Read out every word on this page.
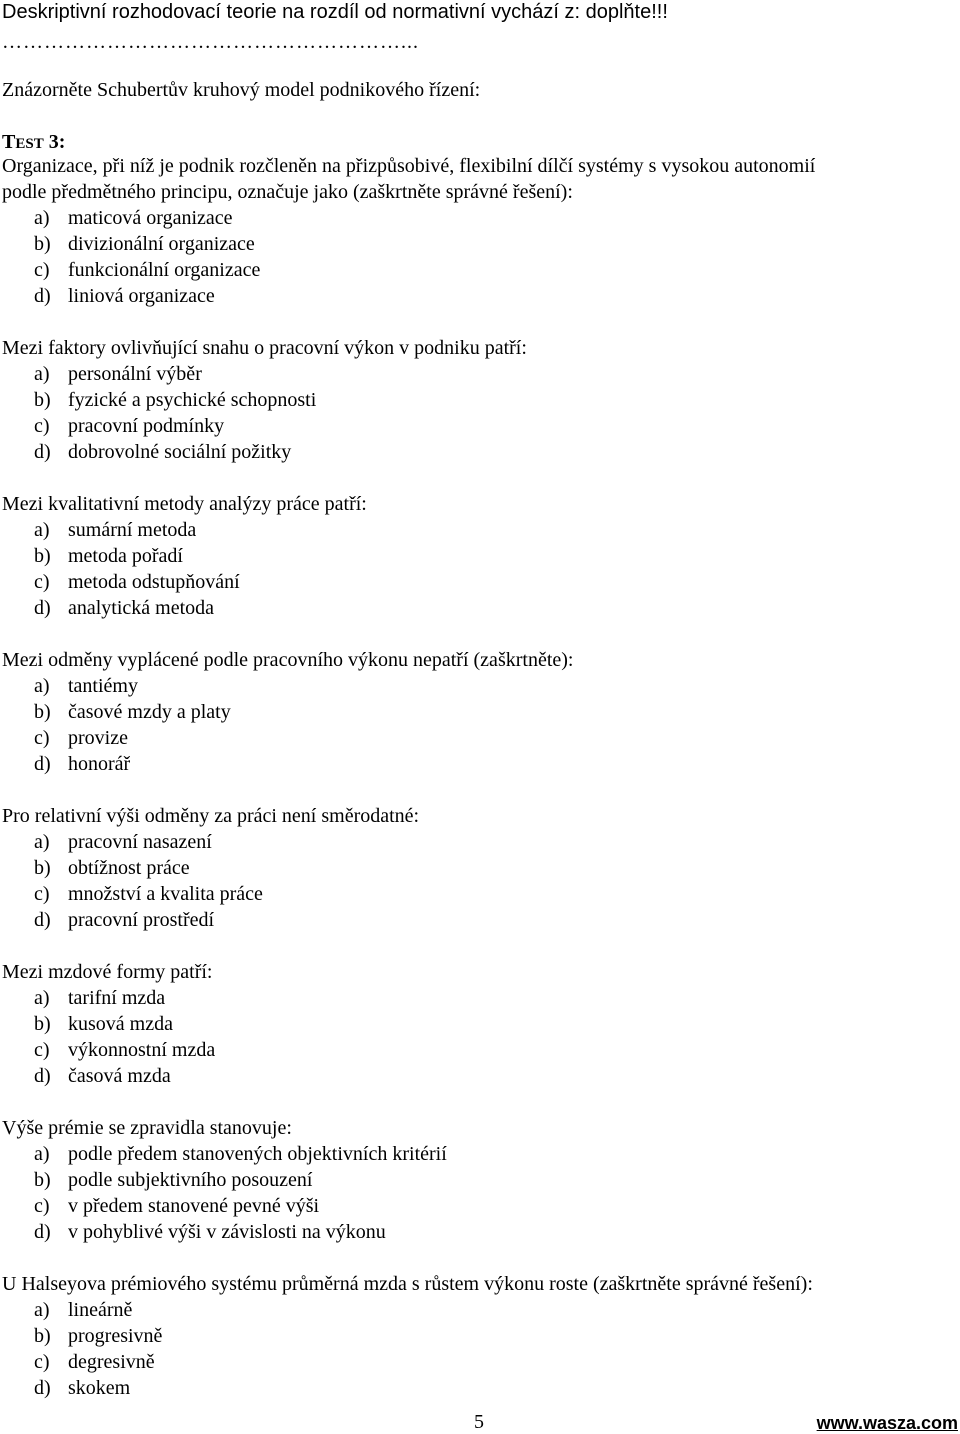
Deskriptivní rozhodovací teorie na rozdíl od normativní vychází z: doplňte!!!
…………………………………………………...
Znázorněte Schubertův kruhový model podnikového řízení:
TEST 3:
Organizace, při níž je podnik rozčleněn na přizpůsobivé, flexibilní dílčí systémy s vysokou autonomií
podle předmětného principu, označuje jako (zaškrtněte správné řešení):
a) maticová organizace
b) divizionální organizace
c) funkcionální organizace
d) liniová organizace
Mezi faktory ovlivňující snahu o pracovní výkon v podniku patří:
a) personální výběr
b) fyzické a psychické schopnosti
c) pracovní podmínky
d) dobrovolné sociální požitky
Mezi kvalitativní metody analýzy práce patří:
a) sumární metoda
b) metoda pořadí
c) metoda odstupňování
d) analytická metoda
Mezi odměny vyplácené podle pracovního výkonu nepatří (zaškrtněte):
a) tantiémy
b) časové mzdy a platy
c) provize
d) honorář
Pro relativní výši odměny za práci není směrodatné:
a) pracovní nasazení
b) obtížnost práce
c) množství a kvalita práce
d) pracovní prostředí
Mezi mzdové formy patří:
a) tarifní mzda
b) kusová mzda
c) výkonnostní mzda
d) časová mzda
Výše prémie se zpravidla stanovuje:
a) podle předem stanovených objektivních kritérií
b) podle subjektivního posouzení
c) v předem stanovené pevné výši
d) v pohyblivé výši v závislosti na výkonu
U Halseyova prémiového systému průměrná mzda s růstem výkonu roste (zaškrtněte správné řešení):
a) lineárně
b) progresivně
c) degresivně
d) skokem
5	www.wasza.com
